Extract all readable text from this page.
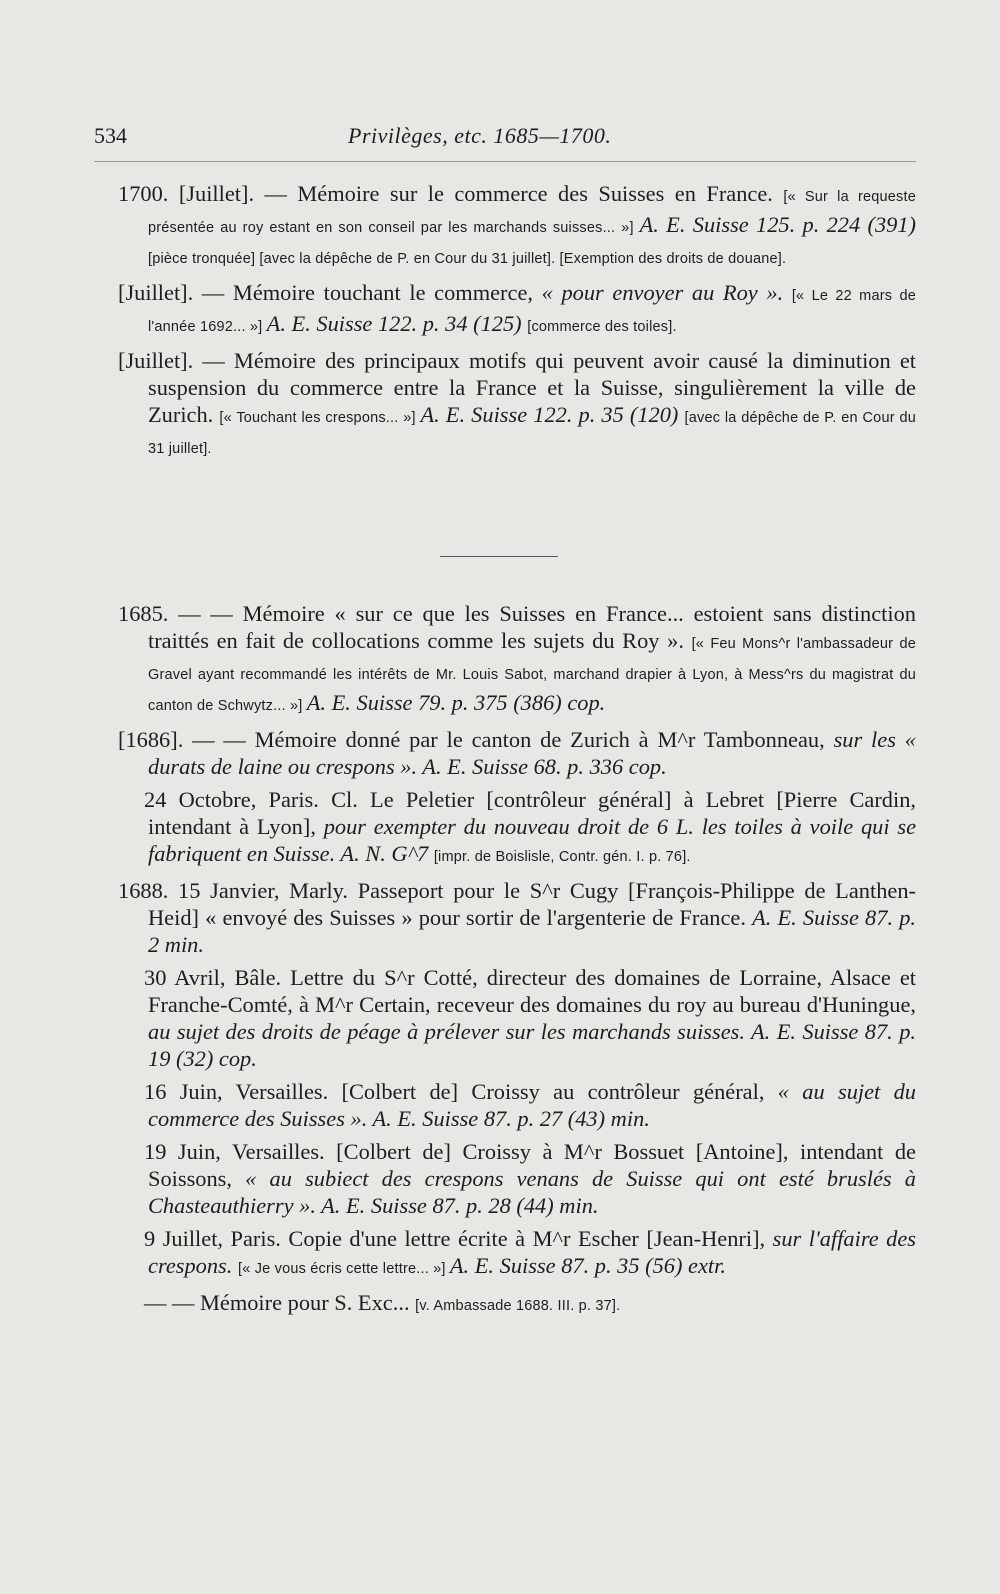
534	Privilèges, etc. 1685—1700.

1700. [Juillet]. — Mémoire sur le commerce des Suisses en France. [« Sur la requeste présentée au roy estant en son conseil par les marchands suisses... »] A. E. Suisse 125. p. 224 (391) [pièce tronquée] [avec la dépêche de P. en Cour du 31 juillet]. [Exemption des droits de douane].

[Juillet]. — Mémoire touchant le commerce, « pour envoyer au Roy ». [« Le 22 mars de l'année 1692... »] A. E. Suisse 122. p. 34 (125) [commerce des toiles].

[Juillet]. — Mémoire des principaux motifs qui peuvent avoir causé la diminution et suspension du commerce entre la France et la Suisse, singulièrement la ville de Zurich. [« Touchant les crespons... »] A. E. Suisse 122. p. 35 (120) [avec la dépêche de P. en Cour du 31 juillet].

1685. — — Mémoire « sur ce que les Suisses en France... estoient sans distinction traittés en fait de collocations comme les sujets du Roy ». [« Feu Mons^r l'ambassadeur de Gravel ayant recommandé les intérêts de Mr. Louis Sabot, marchand drapier à Lyon, à Mess^rs du magistrat du canton de Schwytz... »] A. E. Suisse 79. p. 375 (386) cop.

[1686]. — — Mémoire donné par le canton de Zurich à M^r Tambonneau, sur les « durats de laine ou crespons ». A. E. Suisse 68. p. 336 cop.

24 Octobre, Paris. Cl. Le Peletier [contrôleur général] à Lebret [Pierre Cardin, intendant à Lyon], pour exempter du nouveau droit de 6 L. les toiles à voile qui se fabriquent en Suisse. A. N. G^7 [impr. de Boislisle, Contr. gén. I. p. 76].

1688. 15 Janvier, Marly. Passeport pour le S^r Cugy [François-Philippe de Lanthen-Heid] « envoyé des Suisses » pour sortir de l'argenterie de France. A. E. Suisse 87. p. 2 min.

30 Avril, Bâle. Lettre du S^r Cotté, directeur des domaines de Lorraine, Alsace et Franche-Comté, à M^r Certain, receveur des domaines du roy au bureau d'Huningue, au sujet des droits de péage à prélever sur les marchands suisses. A. E. Suisse 87. p. 19 (32) cop.

16 Juin, Versailles. [Colbert de] Croissy au contrôleur général, « au sujet du commerce des Suisses ». A. E. Suisse 87. p. 27 (43) min.

19 Juin, Versailles. [Colbert de] Croissy à M^r Bossuet [Antoine], intendant de Soissons, « au subiect des crespons venans de Suisse qui ont esté bruslés à Chasteauthierry ». A. E. Suisse 87. p. 28 (44) min.

9 Juillet, Paris. Copie d'une lettre écrite à M^r Escher [Jean-Henri], sur l'affaire des crespons. [« Je vous écris cette lettre... »] A. E. Suisse 87. p. 35 (56) extr.

— — Mémoire pour S. Exc... [v. Ambassade 1688. III. p. 37].
